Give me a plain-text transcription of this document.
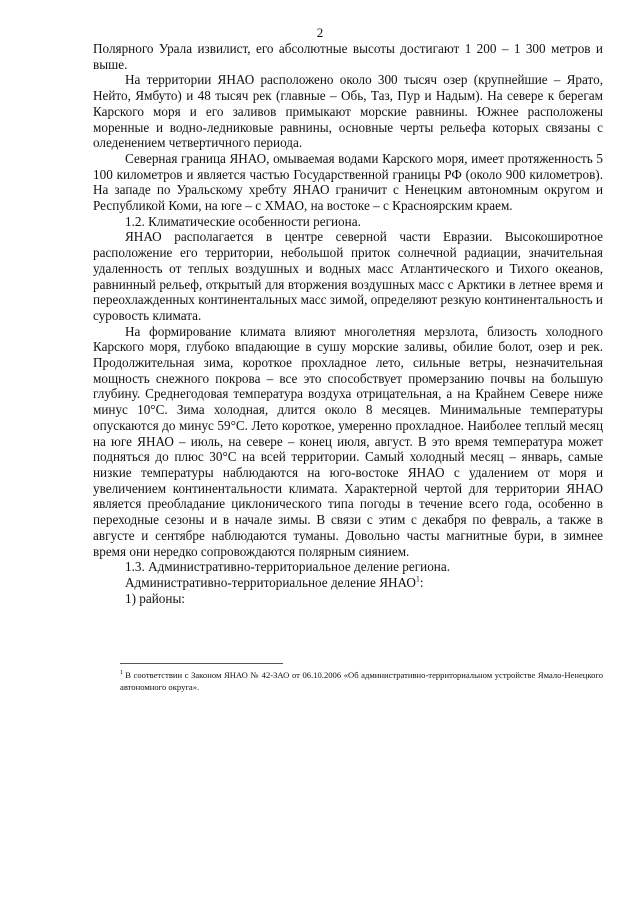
2

Полярного Урала извилист, его абсолютные высоты достигают 1 200 – 1 300 метров и выше.

На территории ЯНАО расположено около 300 тысяч озер (крупнейшие – Ярато, Нейто, Ямбуто) и 48 тысяч рек (главные – Обь, Таз, Пур и Надым). На севере к берегам Карского моря и его заливов примыкают морские равнины. Южнее расположены моренные и водно-ледниковые равнины, основные черты рельефа которых связаны с оледенением четвертичного периода.

Северная граница ЯНАО, омываемая водами Карского моря, имеет протяженность 5 100 километров и является частью Государственной границы РФ (около 900 километров). На западе по Уральскому хребту ЯНАО граничит с Ненецким автономным округом и Республикой Коми, на юге – с ХМАО, на востоке – с Красноярским краем.

1.2. Климатические особенности региона.

ЯНАО располагается в центре северной части Евразии. Высокоширотное расположение его территории, небольшой приток солнечной радиации, значительная удаленность от теплых воздушных и водных масс Атлантического и Тихого океанов, равнинный рельеф, открытый для вторжения воздушных масс с Арктики в летнее время и переохлажденных континентальных масс зимой, определяют резкую континентальность и суровость климата.

На формирование климата влияют многолетняя мерзлота, близость холодного Карского моря, глубоко впадающие в сушу морские заливы, обилие болот, озер и рек. Продолжительная зима, короткое прохладное лето, сильные ветры, незначительная мощность снежного покрова – все это способствует промерзанию почвы на большую глубину. Среднегодовая температура воздуха отрицательная, а на Крайнем Севере ниже минус 10°С. Зима холодная, длится около 8 месяцев. Минимальные температуры опускаются до минус 59°С. Лето короткое, умеренно прохладное. Наиболее теплый месяц на юге ЯНАО – июль, на севере – конец июля, август. В это время температура может подняться до плюс 30°С на всей территории. Самый холодный месяц – январь, самые низкие температуры наблюдаются на юго-востоке ЯНАО с удалением от моря и увеличением континентальности климата. Характерной чертой для территории ЯНАО является преобладание циклонического типа погоды в течение всего года, особенно в переходные сезоны и в начале зимы. В связи с этим с декабря по февраль, а также в августе и сентябре наблюдаются туманы. Довольно часты магнитные бури, в зимнее время они нередко сопровождаются полярным сиянием.

1.3. Административно-территориальное деление региона.

Административно-территориальное деление ЯНАО$^1$:

1) районы:

$^1$ В соответствии с Законом ЯНАО № 42-ЗАО от 06.10.2006 «Об административно-территориальном устройстве Ямало-Ненецкого автономного округа».
